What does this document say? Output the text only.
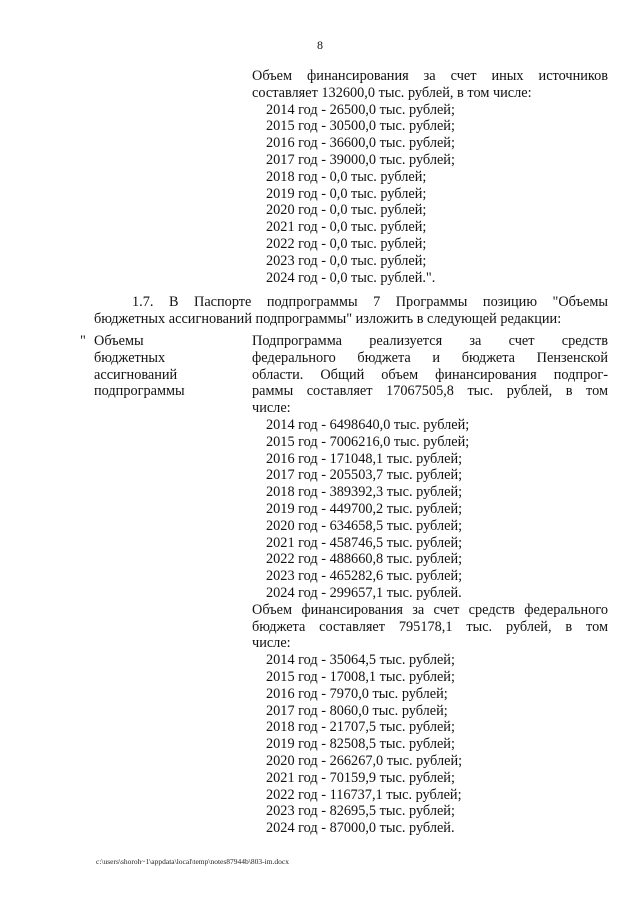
8
Объем финансирования за счет иных источников
составляет 132600,0 тыс. рублей, в том числе:
2014 год - 26500,0 тыс. рублей;
2015 год - 30500,0 тыс. рублей;
2016 год - 36600,0 тыс. рублей;
2017 год - 39000,0 тыс. рублей;
2018 год - 0,0 тыс. рублей;
2019 год - 0,0 тыс. рублей;
2020 год - 0,0 тыс. рублей;
2021 год - 0,0 тыс. рублей;
2022 год - 0,0 тыс. рублей;
2023 год - 0,0 тыс. рублей;
2024 год - 0,0 тыс. рублей.".
1.7. В Паспорте подпрограммы 7 Программы позицию "Объемы
бюджетных ассигнований подпрограммы" изложить в следующей редакции:
" Объемы
бюджетных
ассигнований
подпрограммы
Подпрограмма реализуется за счет средств
федерального бюджета и бюджета Пензенской
области. Общий объем финансирования подпрог-
раммы составляет 17067505,8 тыс. рублей, в том
числе:
2014 год - 6498640,0 тыс. рублей;
2015 год - 7006216,0 тыс. рублей;
2016 год - 171048,1 тыс. рублей;
2017 год - 205503,7 тыс. рублей;
2018 год - 389392,3 тыс. рублей;
2019 год - 449700,2 тыс. рублей;
2020 год - 634658,5 тыс. рублей;
2021 год - 458746,5 тыс. рублей;
2022 год - 488660,8 тыс. рублей;
2023 год - 465282,6 тыс. рублей;
2024 год - 299657,1 тыс. рублей.
Объем финансирования за счет средств федерального
бюджета составляет 795178,1 тыс. рублей, в том
числе:
2014 год - 35064,5 тыс. рублей;
2015 год - 17008,1 тыс. рублей;
2016 год - 7970,0 тыс. рублей;
2017 год - 8060,0 тыс. рублей;
2018 год - 21707,5 тыс. рублей;
2019 год - 82508,5 тыс. рублей;
2020 год - 266267,0 тыс. рублей;
2021 год - 70159,9 тыс. рублей;
2022 год - 116737,1 тыс. рублей;
2023 год - 82695,5 тыс. рублей;
2024 год - 87000,0 тыс. рублей.
c:\users\shoroh~1\appdata\local\temp\notes87944b\803-im.docx
